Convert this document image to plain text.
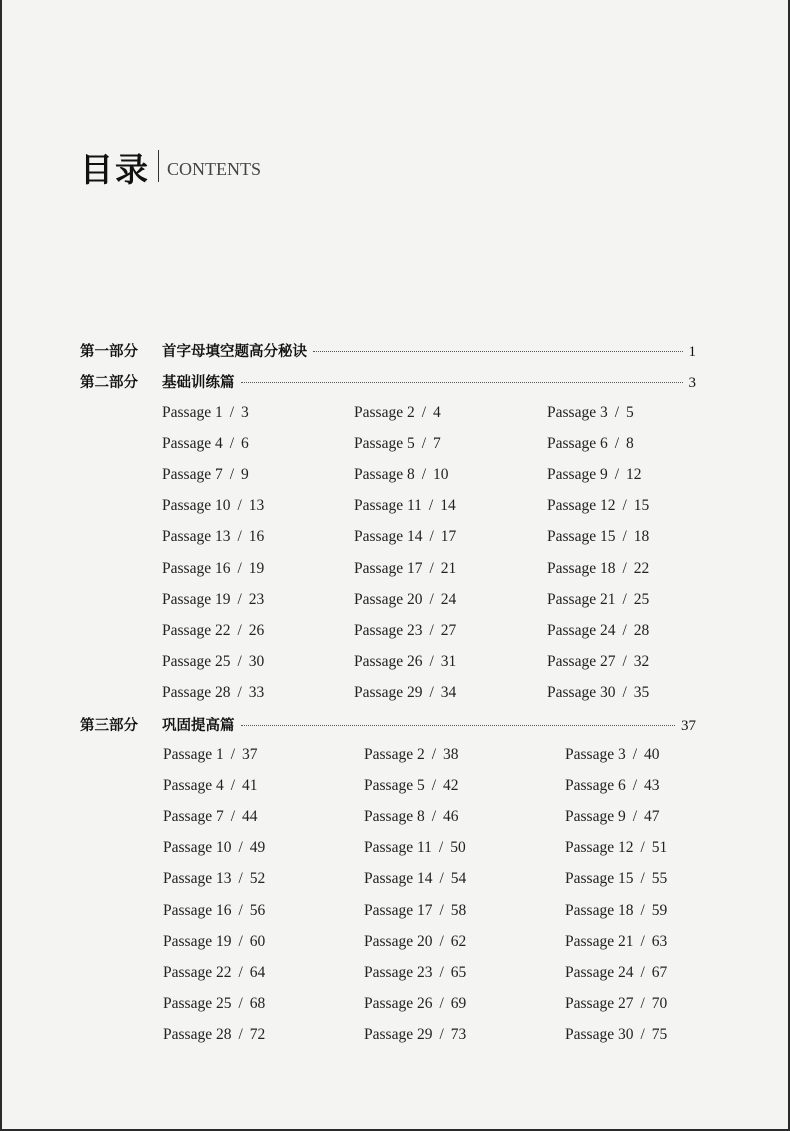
目录 CONTENTS
第一部分	首字母填空题高分秘诀	1
第二部分	基础训练篇	3
第三部分	巩固提高篇	37
Passage 1 / 3	Passage 2 / 4	Passage 3 / 5
Passage 4 / 6	Passage 5 / 7	Passage 6 / 8
Passage 7 / 9	Passage 8 / 10	Passage 9 / 12
Passage 10 / 13	Passage 11 / 14	Passage 12 / 15
Passage 13 / 16	Passage 14 / 17	Passage 15 / 18
Passage 16 / 19	Passage 17 / 21	Passage 18 / 22
Passage 19 / 23	Passage 20 / 24	Passage 21 / 25
Passage 22 / 26	Passage 23 / 27	Passage 24 / 28
Passage 25 / 30	Passage 26 / 31	Passage 27 / 32
Passage 28 / 33	Passage 29 / 34	Passage 30 / 35
Passage 1 / 37	Passage 2 / 38	Passage 3 / 40
Passage 4 / 41	Passage 5 / 42	Passage 6 / 43
Passage 7 / 44	Passage 8 / 46	Passage 9 / 47
Passage 10 / 49	Passage 11 / 50	Passage 12 / 51
Passage 13 / 52	Passage 14 / 54	Passage 15 / 55
Passage 16 / 56	Passage 17 / 58	Passage 18 / 59
Passage 19 / 60	Passage 20 / 62	Passage 21 / 63
Passage 22 / 64	Passage 23 / 65	Passage 24 / 67
Passage 25 / 68	Passage 26 / 69	Passage 27 / 70
Passage 28 / 72	Passage 29 / 73	Passage 30 / 75
